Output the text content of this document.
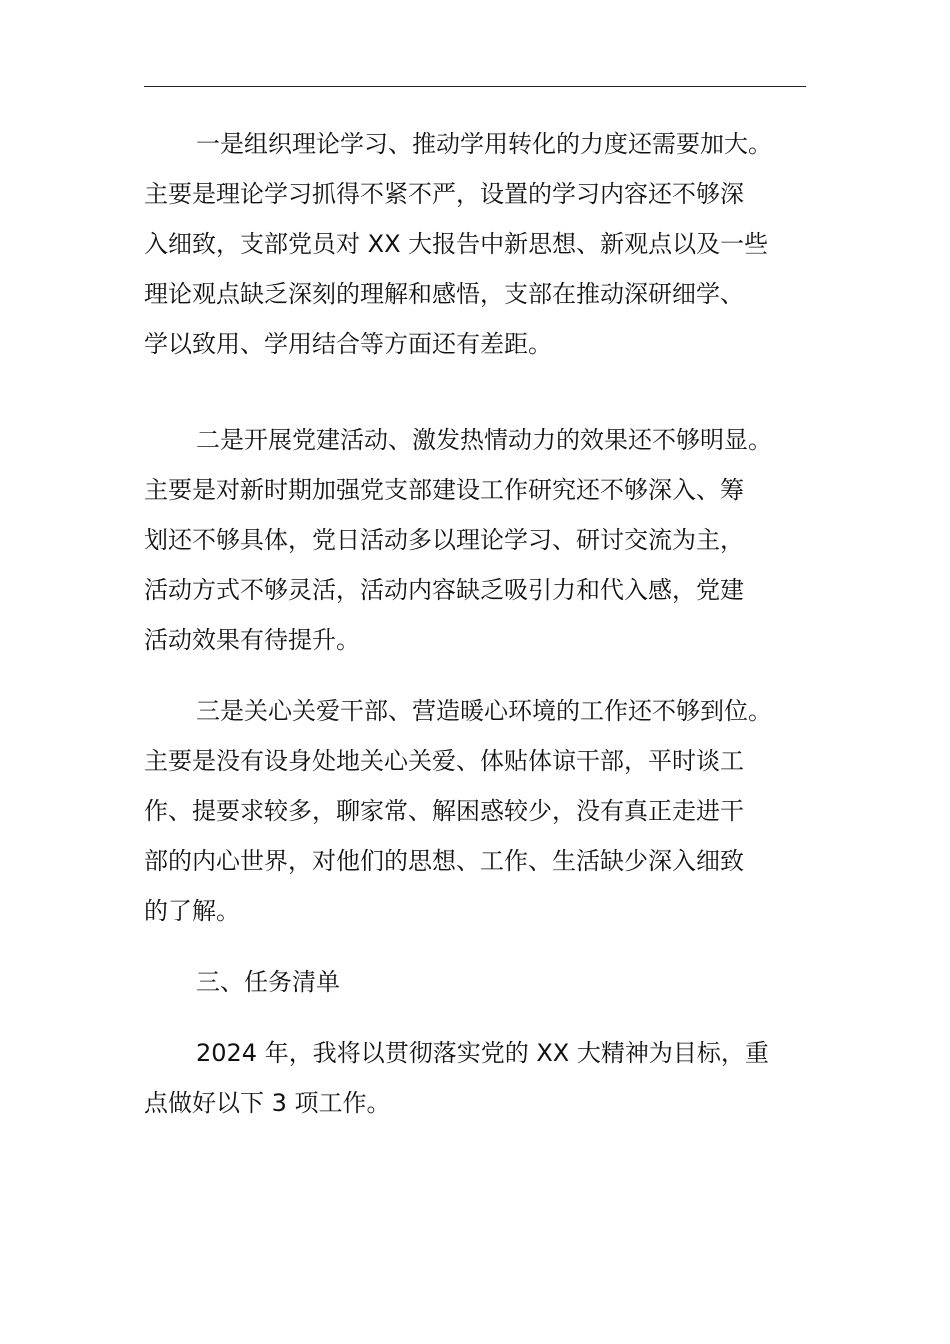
一是组织理论学习、推动学用转化的力度还需要加大。
主要是理论学习抓得不紧不严，设置的学习内容还不够深
入细致，支部党员对 XX 大报告中新思想、新观点以及一些
理论观点缺乏深刻的理解和感悟，支部在推动深研细学、
学以致用、学用结合等方面还有差距。
二是开展党建活动、激发热情动力的效果还不够明显。
主要是对新时期加强党支部建设工作研究还不够深入、筹
划还不够具体，党日活动多以理论学习、研讨交流为主，
活动方式不够灵活，活动内容缺乏吸引力和代入感，党建
活动效果有待提升。
三是关心关爱干部、营造暖心环境的工作还不够到位。
主要是没有设身处地关心关爱、体贴体谅干部，平时谈工
作、提要求较多，聊家常、解困惑较少，没有真正走进干
部的内心世界，对他们的思想、工作、生活缺少深入细致
的了解。
三、任务清单
2024 年，我将以贯彻落实党的 XX 大精神为目标，重
点做好以下 3 项工作。
